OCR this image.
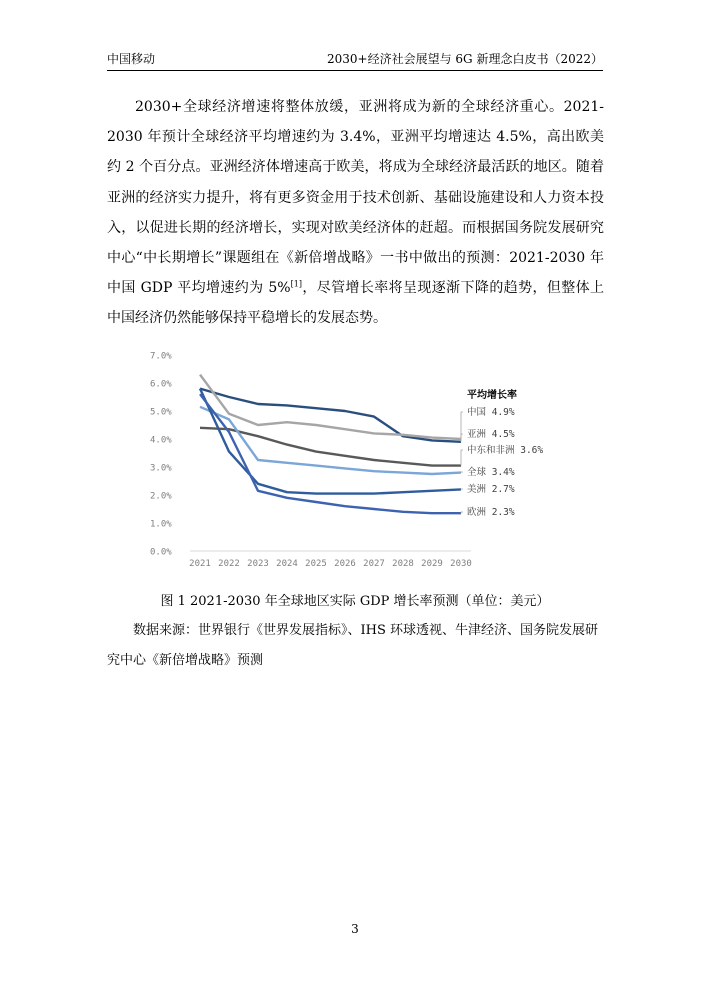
中国移动	2030+经济社会展望与 6G 新理念白皮书（2022）
2030+全球经济增速将整体放缓，亚洲将成为新的全球经济重心。2021-2030 年预计全球经济平均增速约为 3.4%，亚洲平均增速达 4.5%，高出欧美约 2 个百分点。亚洲经济体增速高于欧美，将成为全球经济最活跃的地区。随着亚洲的经济实力提升，将有更多资金用于技术创新、基础设施建设和人力资本投入，以促进长期的经济增长，实现对欧美经济体的赶超。而根据国务院发展研究中心“中长期增长”课题组在《新倍增战略》一书中做出的预测：2021-2030 年中国 GDP 平均增速约为 5%[1]，尽管增长率将呈现逐渐下降的趋势，但整体上中国经济仍然能够保持平稳增长的发展态势。
0.0%
1.0%
2.0%
3.0%
4.0%
5.0%
6.0%
7.0%
2021 2022 2023 2024 2025 2026 2027 2028 2029 2030
平均增长率
中国 4.9%
亚洲 4.5%
中东和非洲 3.6%
全球 3.4%
美洲 2.7%
欧洲 2.3%
图 1 2021-2030 年全球地区实际 GDP 增长率预测（单位：美元）
数据来源：世界银行《世界发展指标》、IHS 环球透视、牛津经济、国务院发展研究中心《新倍增战略》预测
3
